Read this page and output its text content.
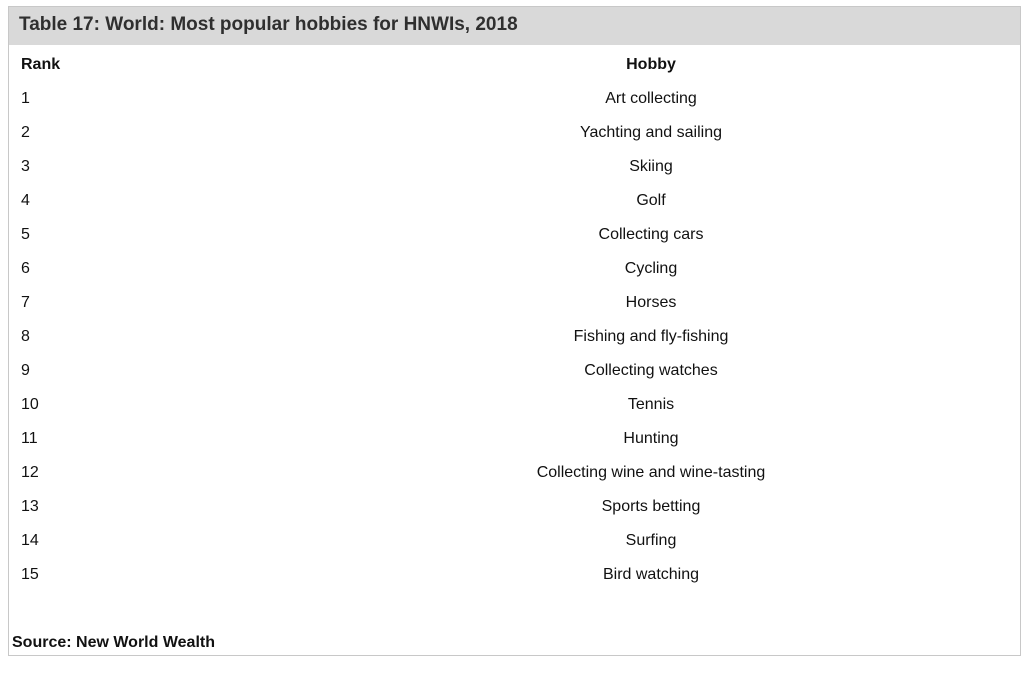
Table 17: World: Most popular hobbies for HNWIs, 2018
Rank	Hobby
1	Art collecting
2	Yachting and sailing
3	Skiing
4	Golf
5	Collecting cars
6	Cycling
7	Horses
8	Fishing and fly-fishing
9	Collecting watches
10	Tennis
11	Hunting
12	Collecting wine and wine-tasting
13	Sports betting
14	Surfing
15	Bird watching
Source: New World Wealth
